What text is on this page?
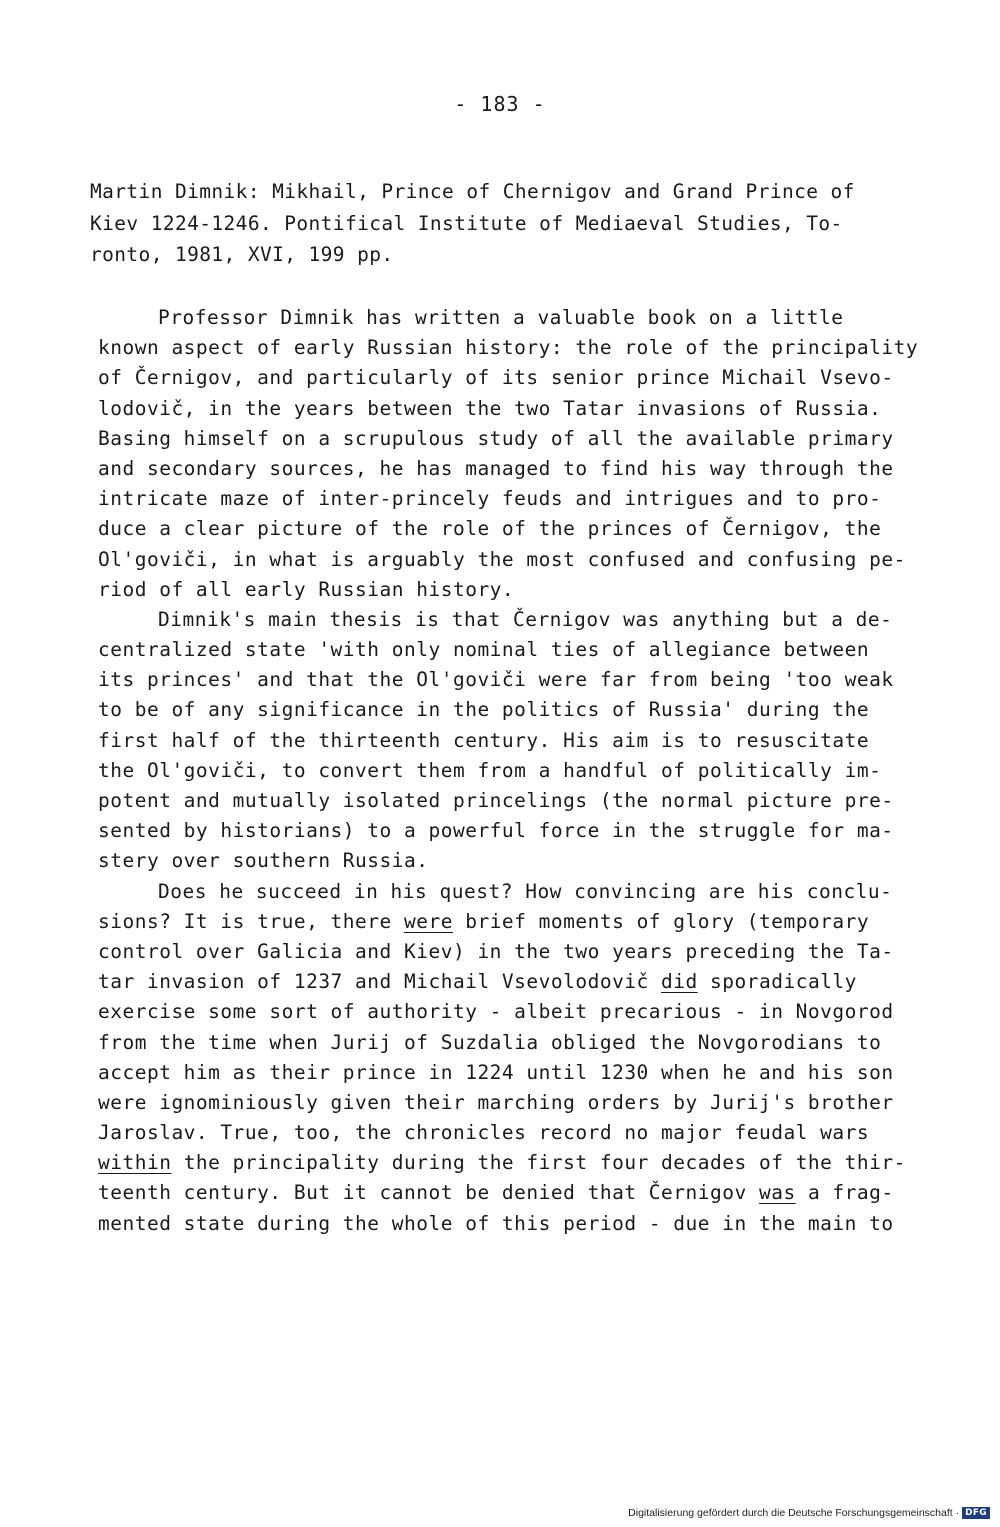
- 183 -
Martin Dimnik: Mikhail, Prince of Chernigov and Grand Prince of
Kiev 1224-1246. Pontifical Institute of Mediaeval Studies, To-
ronto, 1981, XVI, 199 pp.
Professor Dimnik has written a valuable book on a little
known aspect of early Russian history: the role of the principality
of Černigov, and particularly of its senior prince Michail Vsevo-
lodovič, in the years between the two Tatar invasions of Russia.
Basing himself on a scrupulous study of all the available primary
and secondary sources, he has managed to find his way through the
intricate maze of inter-princely feuds and intrigues and to pro-
duce a clear picture of the role of the princes of Černigov, the
Ol'goviči, in what is arguably the most confused and confusing pe-
riod of all early Russian history.
Dimnik's main thesis is that Černigov was anything but a de-
centralized state 'with only nominal ties of allegiance between
its princes' and that the Ol'goviči were far from being 'too weak
to be of any significance in the politics of Russia' during the
first half of the thirteenth century. His aim is to resuscitate
the Ol'goviči, to convert them from a handful of politically im-
potent and mutually isolated princelings (the normal picture pre-
sented by historians) to a powerful force in the struggle for ma-
stery over southern Russia.
Does he succeed in his quest? How convincing are his conclu-
sions? It is true, there were brief moments of glory (temporary
control over Galicia and Kiev) in the two years preceding the Ta-
tar invasion of 1237 and Michail Vsevolodovič did sporadically
exercise some sort of authority - albeit precarious - in Novgorod
from the time when Jurij of Suzdalia obliged the Novgorodians to
accept him as their prince in 1224 until 1230 when he and his son
were ignominiously given their marching orders by Jurij's brother
Jaroslav. True, too, the chronicles record no major feudal wars
within the principality during the first four decades of the thir-
teenth century. But it cannot be denied that Černigov was a frag-
mented state during the whole of this period - due in the main to
Digitalisierung gefördert durch die Deutsche Forschungsgemeinschaft · DFG
